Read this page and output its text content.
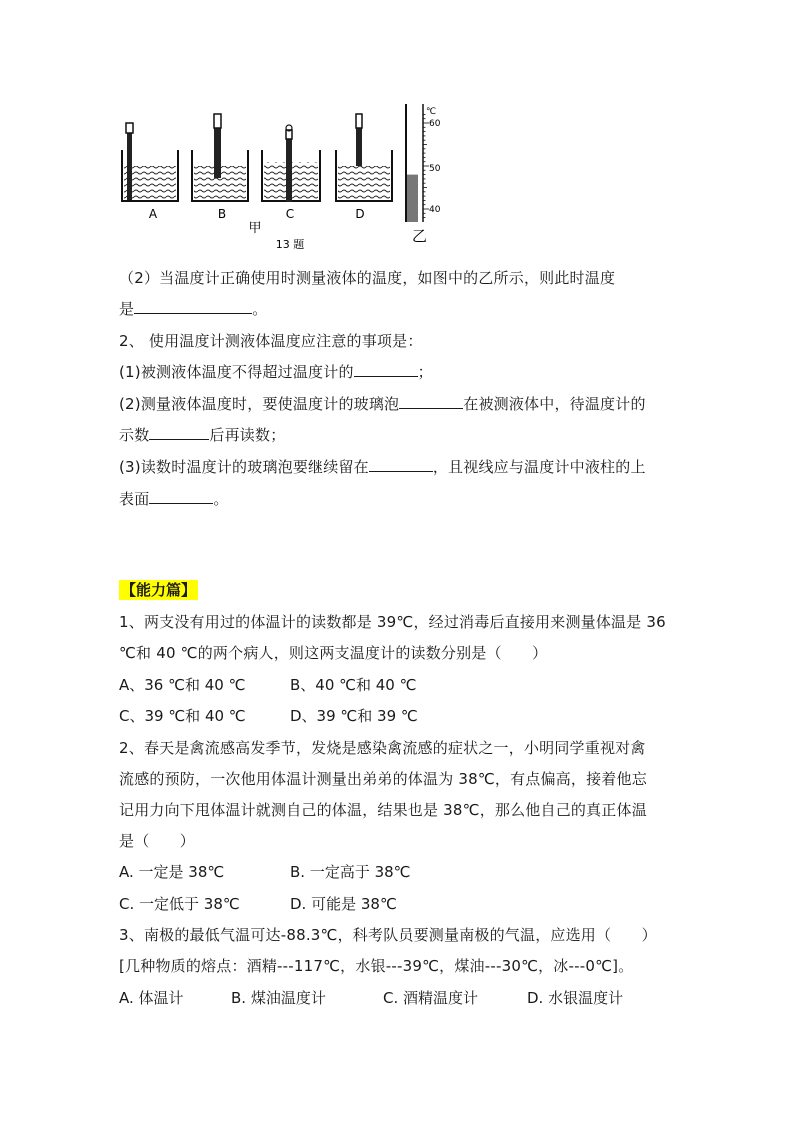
A	B	C	D
甲
13 题
℃
60
50
40
乙
（2）当温度计正确使用时测量液体的温度，如图中的乙所示，则此时温度
是	。
2、 使用温度计测液体温度应注意的事项是：
(1)被测液体温度不得超过温度计的	；
(2)测量液体温度时，要使温度计的玻璃泡	在被测液体中，待温度计的
示数	后再读数；
(3)读数时温度计的玻璃泡要继续留在	，且视线应与温度计中液柱的上
表面	。
【能力篇】
1、两支没有用过的体温计的读数都是 39℃，经过消毒后直接用来测量体温是 36
℃和 40 ℃的两个病人，则这两支温度计的读数分别是（　　）
A、36 ℃和 40 ℃	B、40 ℃和 40 ℃
C、39 ℃和 40 ℃	D、39 ℃和 39 ℃
2、春天是禽流感高发季节，发烧是感染禽流感的症状之一，小明同学重视对禽
流感的预防，一次他用体温计测量出弟弟的体温为 38℃，有点偏高，接着他忘
记用力向下甩体温计就测自己的体温，结果也是 38℃，那么他自己的真正体温
是（　　）
A. 一定是 38℃	B. 一定高于 38℃
C. 一定低于 38℃	D. 可能是 38℃
3、南极的最低气温可达-88.3℃，科考队员要测量南极的气温，应选用（　　）
[几种物质的熔点：酒精---117℃，水银---39℃，煤油---30℃，冰---0℃]。
A. 体温计	B. 煤油温度计	C. 酒精温度计	D. 水银温度计
